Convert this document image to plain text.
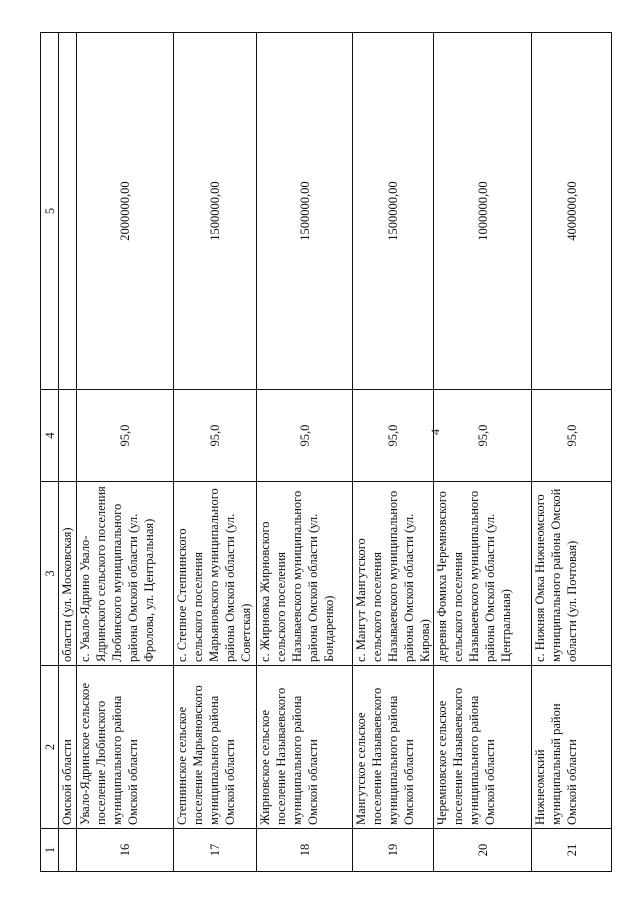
4
1	2	3	4	5
	Омской области	области (ул. Московская)		
16	Увало-Ядринское сельское поселение Любинского муниципального района Омской области	с. Увало-Ядрино Увало-Ядринского сельского поселения Любинского муниципального района Омской области (ул. Фролова, ул. Центральная)	95,0	2000000,00
17	Степнинское сельское поселение Марьяновского муниципального района Омской области	с. Степное Степнинского сельского поселения Марьяновского муниципального района Омской области (ул. Советская)	95,0	1500000,00
18	Жирновское сельское поселение Называевского муниципального района Омской области	с. Жирновка Жирновского сельского поселения Называевского муниципального района Омской области (ул. Бондаренко)	95,0	1500000,00
19	Мангутское сельское поселение Называевского муниципального района Омской области	с. Мангут Мангутского сельского поселения Называевского муниципального района Омской области (ул. Кирова)	95,0	1500000,00
20	Черемновское сельское поселение Называевского муниципального района Омской области	деревня Фомиха Черемновского сельского поселения Называевского муниципального района Омской области (ул. Центральная)	95,0	1000000,00
21	Нижнеомский муниципальный район Омской области	с. Нижняя Омка Нижнеомского муниципального района Омской области (ул. Почтовая)	95,0	4000000,00
